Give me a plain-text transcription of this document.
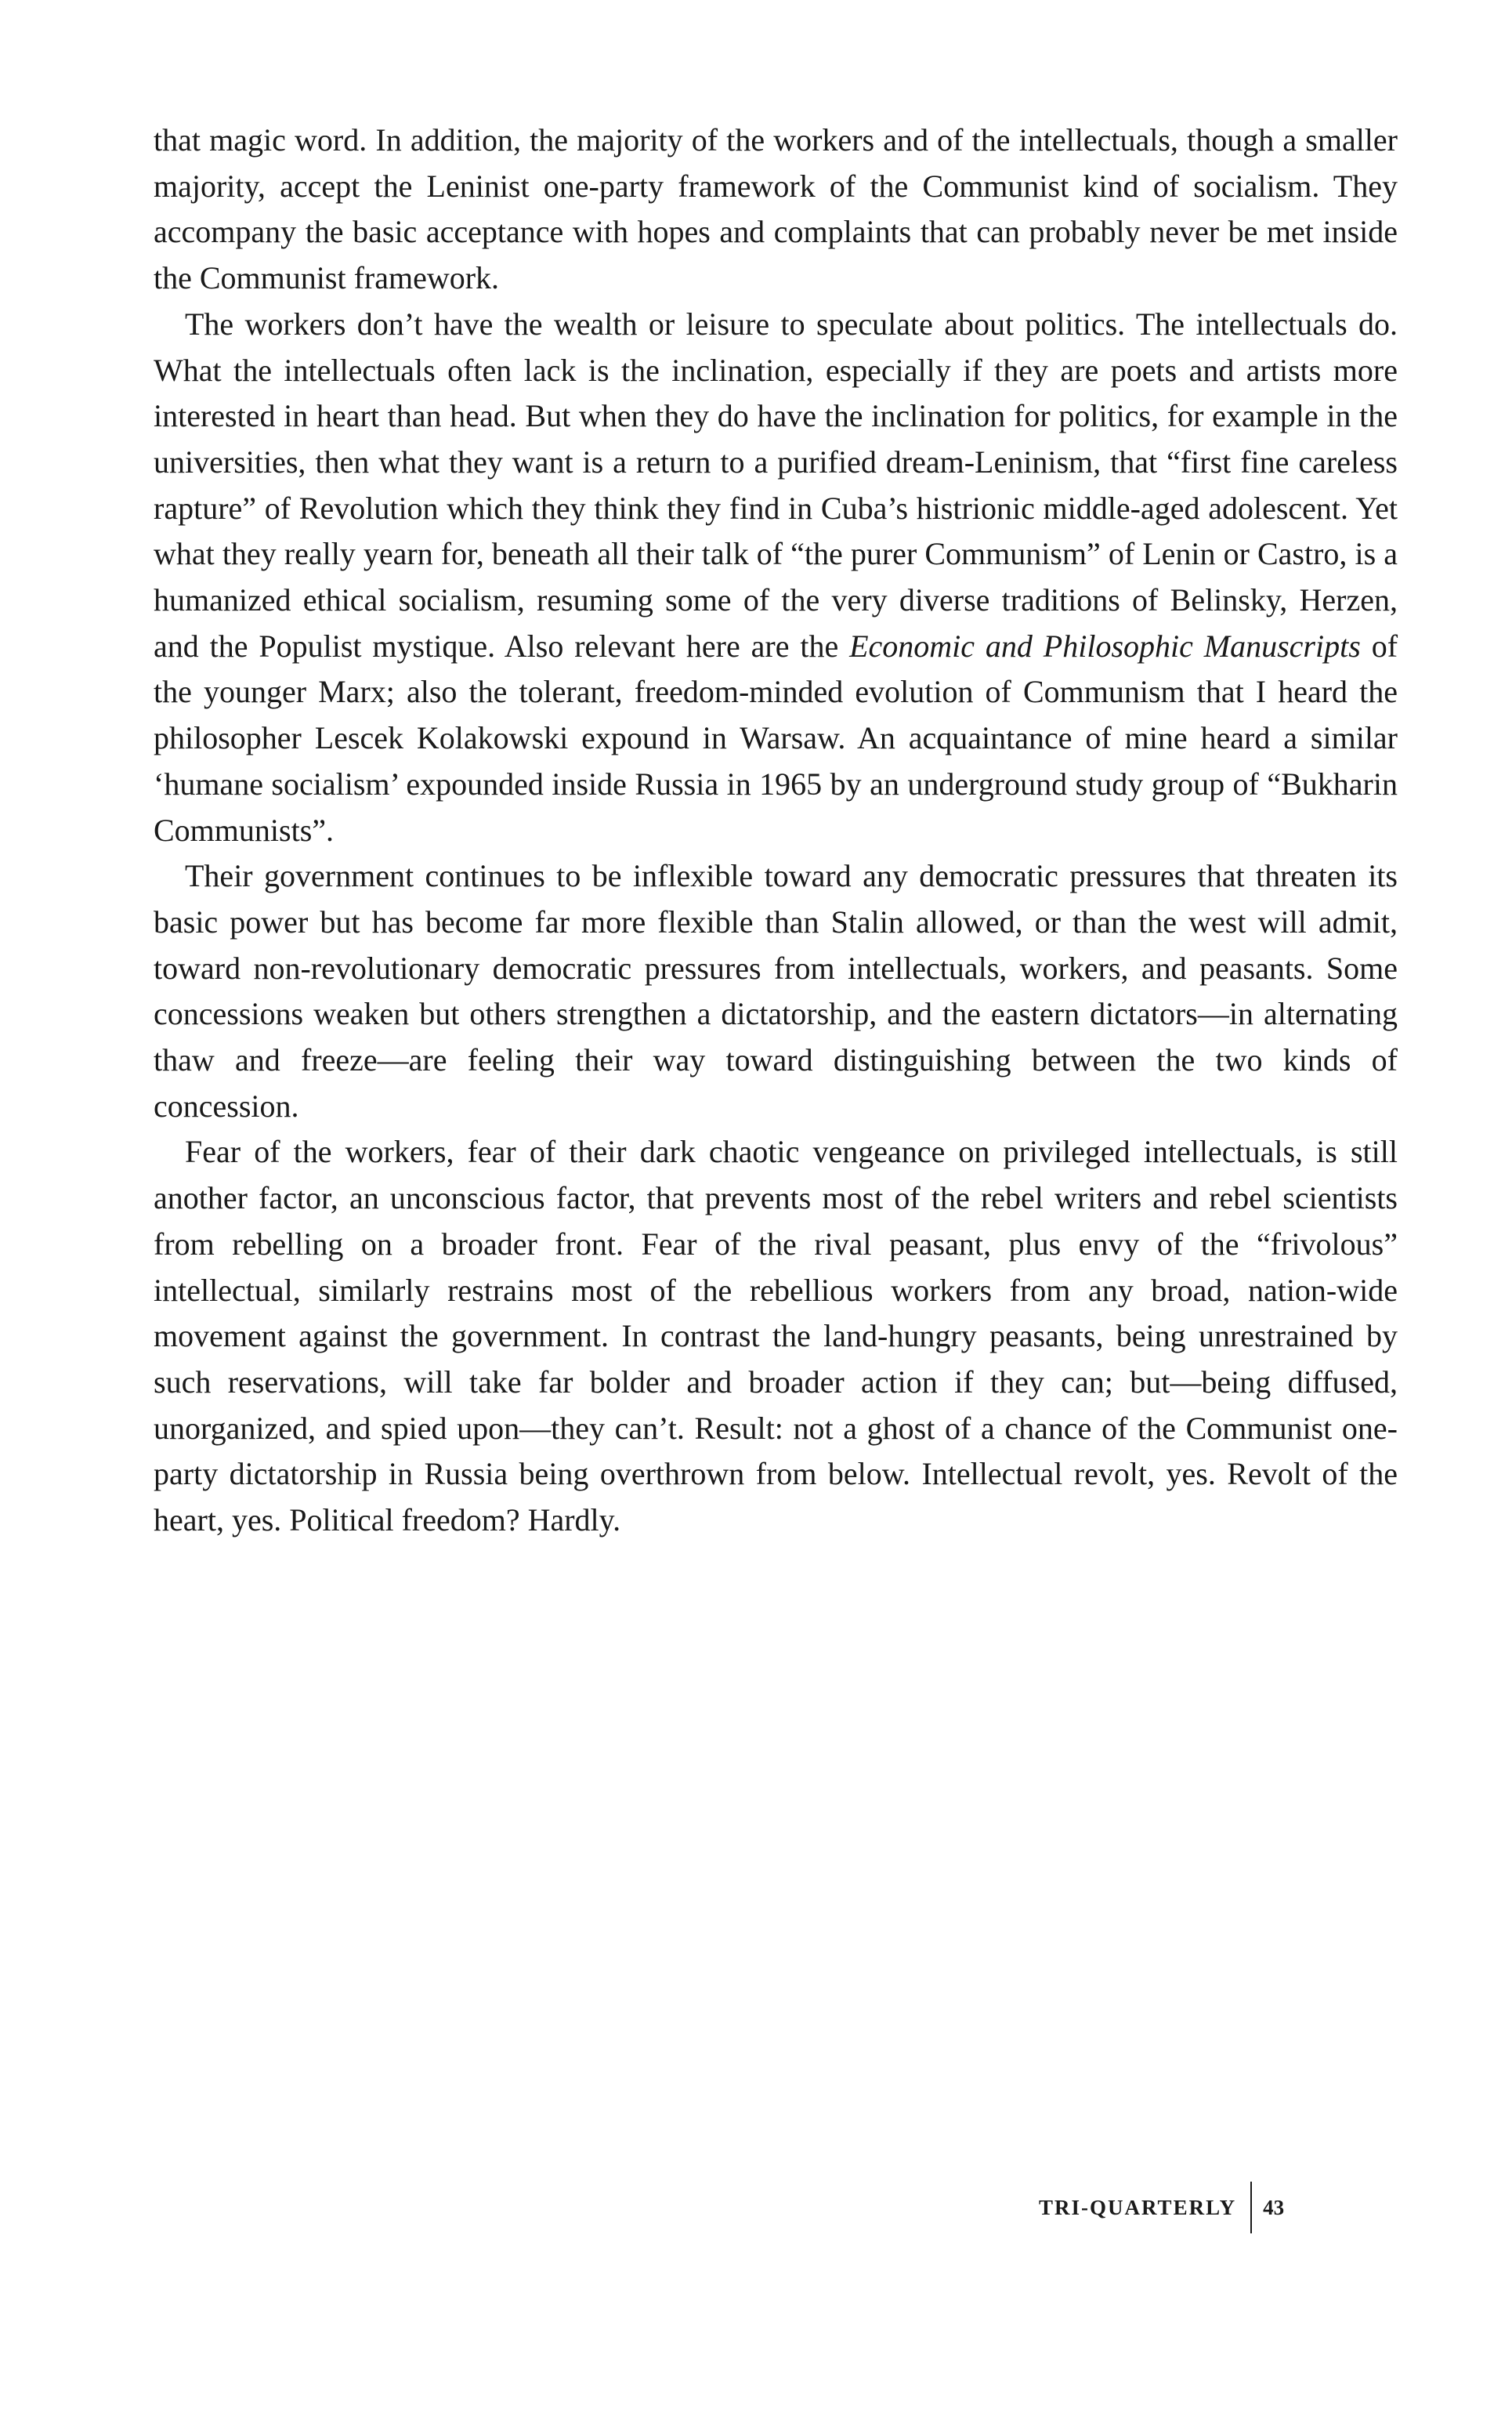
that magic word. In addition, the majority of the workers and of the intellectuals, though a smaller majority, accept the Leninist one-party framework of the Communist kind of socialism. They accompany the basic acceptance with hopes and complaints that can probably never be met inside the Communist framework.

The workers don’t have the wealth or leisure to speculate about politics. The intellectuals do. What the intellectuals often lack is the inclination, especially if they are poets and artists more interested in heart than head. But when they do have the inclination for politics, for example in the universities, then what they want is a return to a purified dream-Leninism, that “first fine careless rapture” of Revolution which they think they find in Cuba’s histrionic middle-aged adolescent. Yet what they really yearn for, beneath all their talk of “the purer Communism” of Lenin or Castro, is a humanized ethical socialism, resuming some of the very diverse traditions of Belinsky, Herzen, and the Populist mystique. Also relevant here are the Economic and Philosophic Manuscripts of the younger Marx; also the tolerant, freedom-minded evolution of Communism that I heard the philosopher Lescek Kolakowski expound in Warsaw. An acquaintance of mine heard a similar ‘humane socialism’ expounded inside Russia in 1965 by an underground study group of “Bukharin Communists”.

Their government continues to be inflexible toward any democratic pressures that threaten its basic power but has become far more flexible than Stalin allowed, or than the west will admit, toward non-revolutionary democratic pressures from intellectuals, workers, and peasants. Some concessions weaken but others strengthen a dictatorship, and the eastern dictators—in alternating thaw and freeze—are feeling their way toward distinguishing between the two kinds of concession.

Fear of the workers, fear of their dark chaotic vengeance on privileged intellectuals, is still another factor, an unconscious factor, that prevents most of the rebel writers and rebel scientists from rebelling on a broader front. Fear of the rival peasant, plus envy of the “frivolous” intellectual, similarly restrains most of the rebellious workers from any broad, nation-wide movement against the government. In contrast the land-hungry peasants, being unrestrained by such reservations, will take far bolder and broader action if they can; but—being diffused, unorganized, and spied upon—they can’t. Result: not a ghost of a chance of the Communist one-party dictatorship in Russia being overthrown from below. Intellectual revolt, yes. Revolt of the heart, yes. Political freedom? Hardly.

TRI-QUARTERLY	43
